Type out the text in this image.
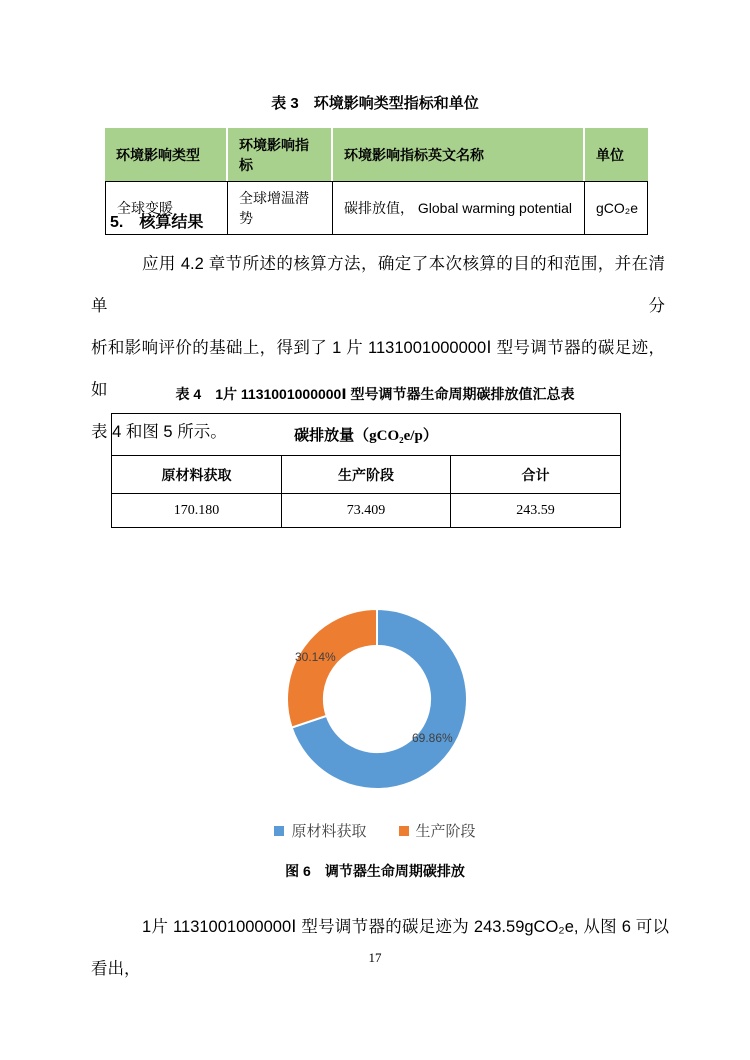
表 3　环境影响类型指标和单位
环境影响类型	环境影响指标	环境影响指标英文名称	单位
全球变暖	全球增温潜势	碳排放值， Global warming potential	gCO₂e
5.　核算结果
应用 4.2 章节所述的核算方法，确定了本次核算的目的和范围，并在清单分
析和影响评价的基础上，得到了 1 片 1131001000000Ⅰ 型号调节器的碳足迹，如
表 4 和图 5 所示。
表 4　1片 1131001000000Ⅰ 型号调节器生命周期碳排放值汇总表
碳排放量（gCO₂e/p）		
原材料获取	生产阶段	合计
170.180	73.409	243.59
69.86%
30.14%
原材料获取	生产阶段
图 6　调节器生命周期碳排放
1片 1131001000000Ⅰ 型号调节器的碳足迹为 243.59gCO₂e, 从图 6 可以看出，
17
